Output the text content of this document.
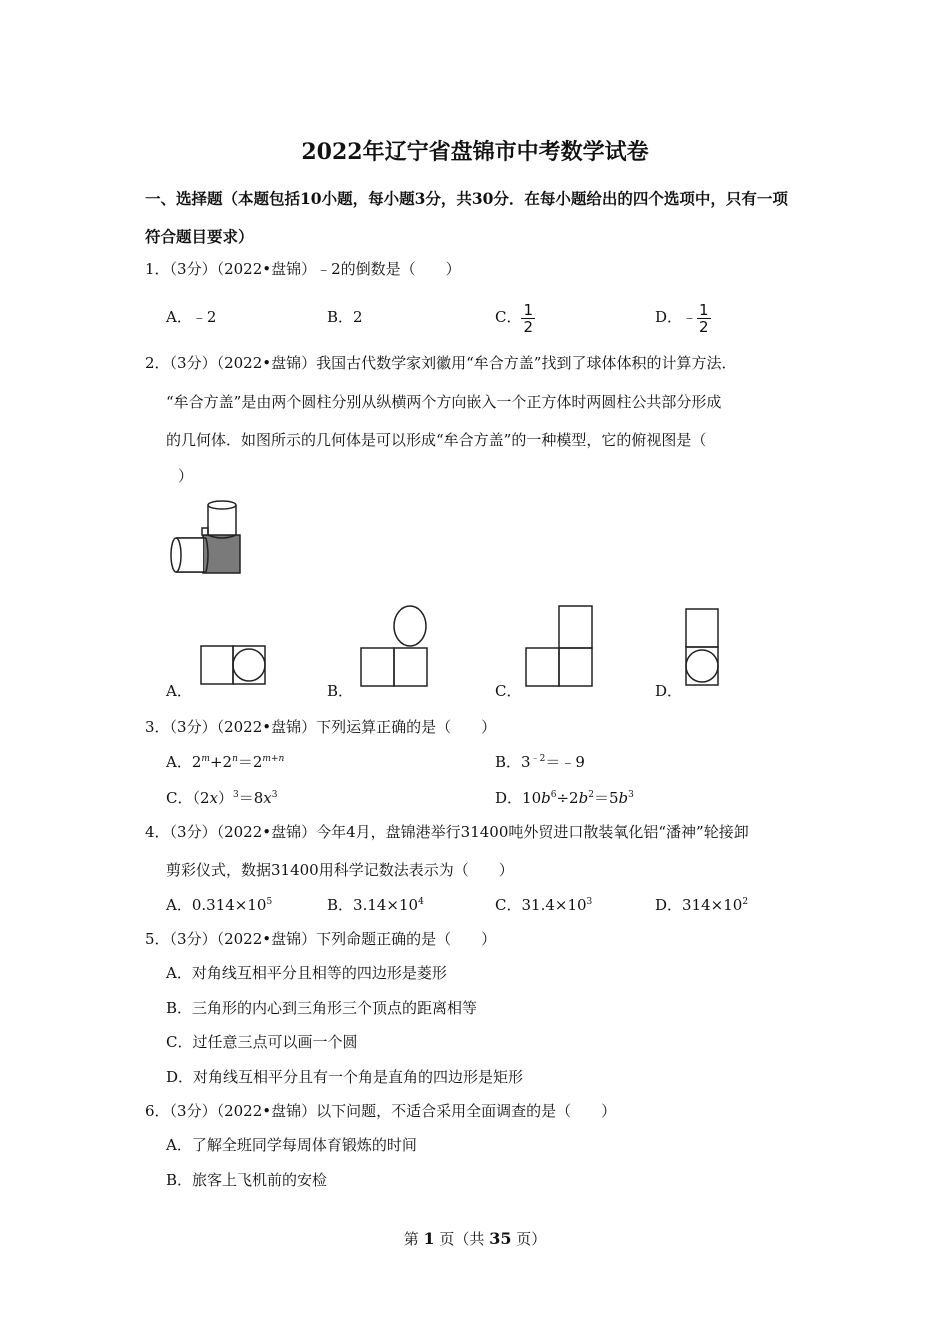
2022年辽宁省盘锦市中考数学试卷
一、选择题（本题包括10小题，每小题3分，共30分．在每小题给出的四个选项中，只有一项
符合题目要求）
1．（3分）（2022•盘锦）﹣2的倒数是（　　）
A．﹣2	B．2	C． $\frac{1}{2}$	D．﹣ $\frac{1}{2}$
2．（3分）（2022•盘锦）我国古代数学家刘徽用“牟合方盖”找到了球体体积的计算方法．
“牟合方盖”是由两个圆柱分别从纵横两个方向嵌入一个正方体时两圆柱公共部分形成
的几何体．如图所示的几何体是可以形成“牟合方盖”的一种模型，它的俯视图是（
）
A．	B．	C．	D．
3．（3分）（2022•盘锦）下列运算正确的是（　　）
A．$2^m+2^n=2^{m+n}$	B．$3^{﹣2}=﹣9$
C．$(2x)^3=8x^3$	D．$10b^6\div 2b^2=5b^3$
4．（3分）（2022•盘锦）今年4月，盘锦港举行31400吨外贸进口散装氧化铝“潘神”轮接卸
剪彩仪式，数据31400用科学记数法表示为（　　）
A．$0.314\times 10^5$	B．$3.14\times 10^4$	C．$31.4\times 10^3$	D．$314\times 10^2$
5．（3分）（2022•盘锦）下列命题正确的是（　　）
A．对角线互相平分且相等的四边形是菱形
B．三角形的内心到三角形三个顶点的距离相等
C．过任意三点可以画一个圆
D．对角线互相平分且有一个角是直角的四边形是矩形
6．（3分）（2022•盘锦）以下问题，不适合采用全面调查的是（　　）
A．了解全班同学每周体育锻炼的时间
B．旅客上飞机前的安检
第 1 页（共 35 页）
